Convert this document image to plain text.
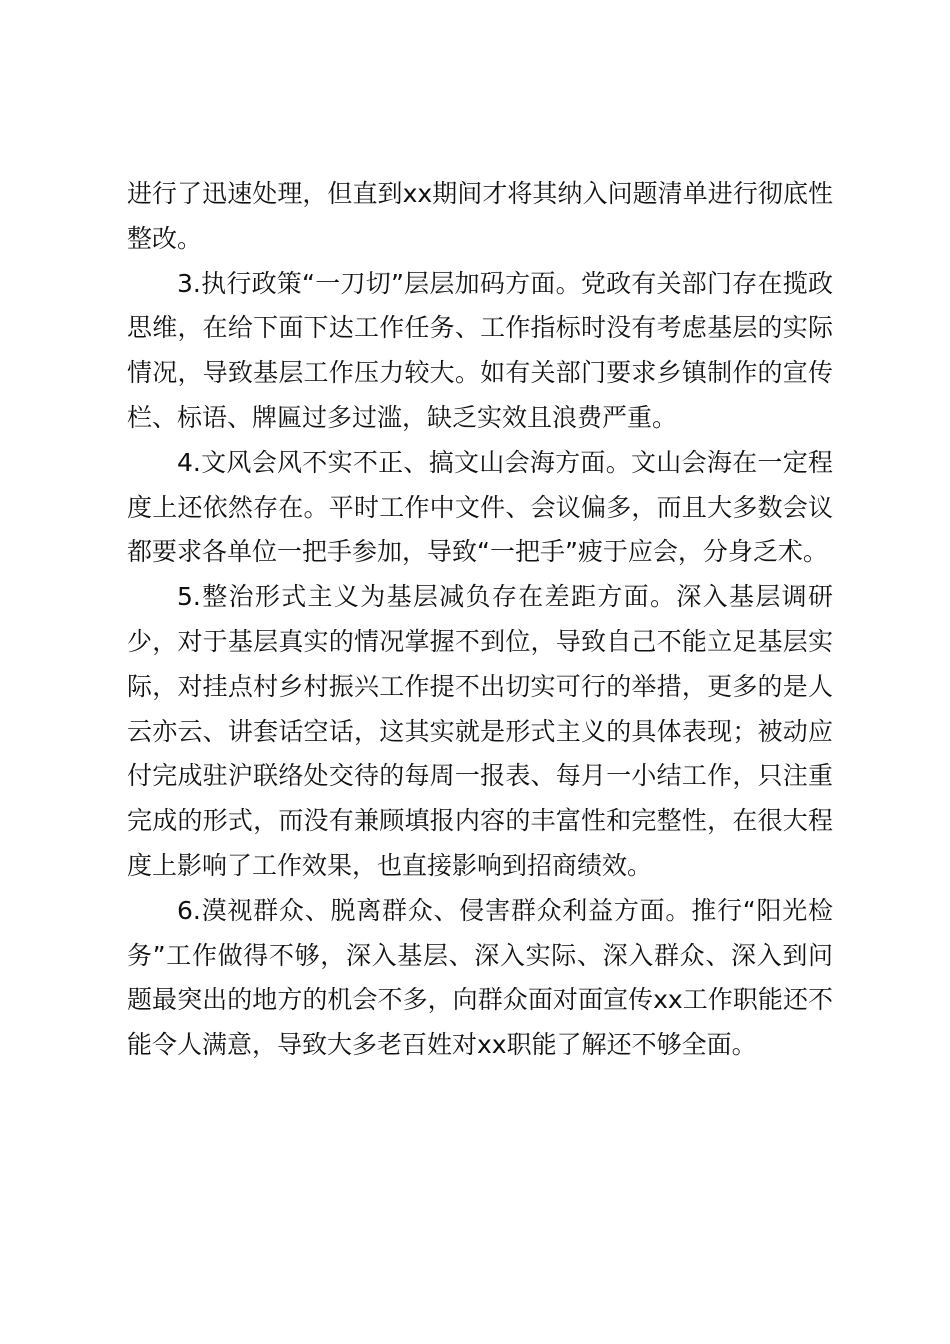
进行了迅速处理，但直到xx期间才将其纳入问题清单进行彻底性整改。

3.执行政策“一刀切”层层加码方面。党政有关部门存在揽政思维，在给下面下达工作任务、工作指标时没有考虑基层的实际情况，导致基层工作压力较大。如有关部门要求乡镇制作的宣传栏、标语、牌匾过多过滥，缺乏实效且浪费严重。

4.文风会风不实不正、搞文山会海方面。文山会海在一定程度上还依然存在。平时工作中文件、会议偏多，而且大多数会议都要求各单位一把手参加，导致“一把手”疲于应会，分身乏术。

5.整治形式主义为基层减负存在差距方面。深入基层调研少，对于基层真实的情况掌握不到位，导致自己不能立足基层实际，对挂点村乡村振兴工作提不出切实可行的举措，更多的是人云亦云、讲套话空话，这其实就是形式主义的具体表现；被动应付完成驻沪联络处交待的每周一报表、每月一小结工作，只注重完成的形式，而没有兼顾填报内容的丰富性和完整性，在很大程度上影响了工作效果，也直接影响到招商绩效。

6.漠视群众、脱离群众、侵害群众利益方面。推行“阳光检务”工作做得不够，深入基层、深入实际、深入群众、深入到问题最突出的地方的机会不多，向群众面对面宣传xx工作职能还不能令人满意，导致大多老百姓对xx职能了解还不够全面。
